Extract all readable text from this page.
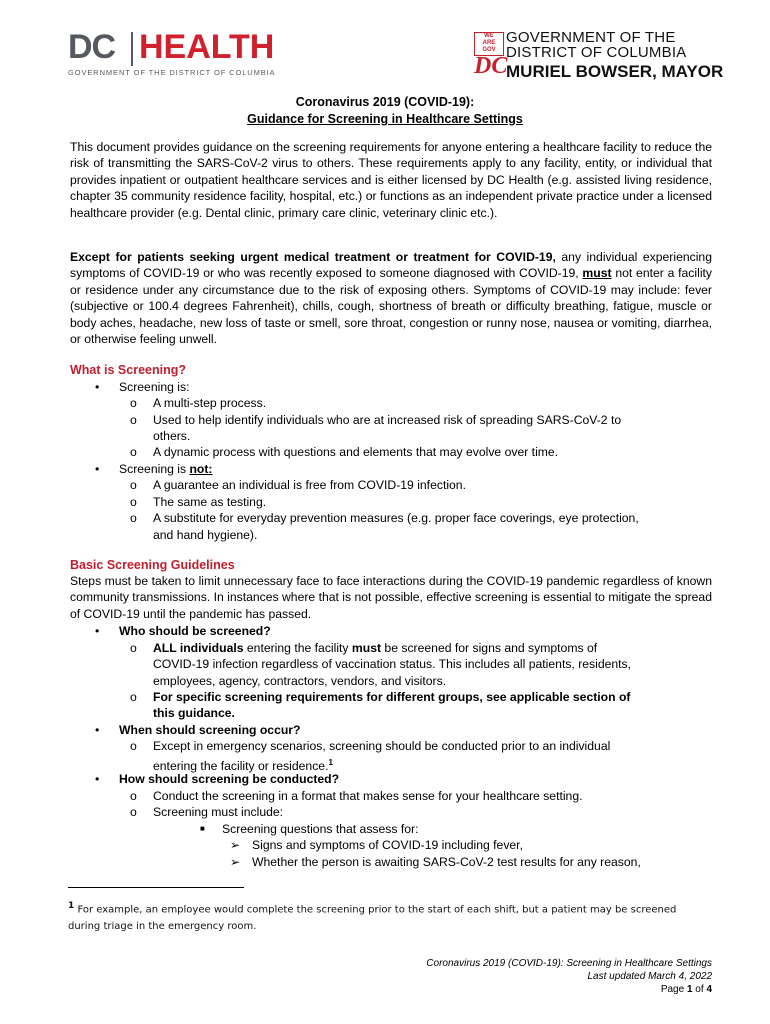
DC HEALTH
GOVERNMENT OF THE DISTRICT OF COLUMBIA
WE
ARE
GOV
DC
GOVERNMENT OF THE
DISTRICT OF COLUMBIA
MURIEL BOWSER, MAYOR
Coronavirus 2019 (COVID-19):
Guidance for Screening in Healthcare Settings
This document provides guidance on the screening requirements for anyone entering a healthcare facility to reduce the risk of transmitting the SARS-CoV-2 virus to others. These requirements apply to any facility, entity, or individual that provides inpatient or outpatient healthcare services and is either licensed by DC Health (e.g. assisted living residence, chapter 35 community residence facility, hospital, etc.) or functions as an independent private practice under a licensed healthcare provider (e.g. Dental clinic, primary care clinic, veterinary clinic etc.).
Except for patients seeking urgent medical treatment or treatment for COVID-19, any individual experiencing symptoms of COVID-19 or who was recently exposed to someone diagnosed with COVID-19, must not enter a facility or residence under any circumstance due to the risk of exposing others. Symptoms of COVID-19 may include: fever (subjective or 100.4 degrees Fahrenheit), chills, cough, shortness of breath or difficulty breathing, fatigue, muscle or body aches, headache, new loss of taste or smell, sore throat, congestion or runny nose, nausea or vomiting, diarrhea, or otherwise feeling unwell.
What is Screening?
• Screening is:
o A multi-step process.
o Used to help identify individuals who are at increased risk of spreading SARS-CoV-2 to
others.
o A dynamic process with questions and elements that may evolve over time.
• Screening is not:
o A guarantee an individual is free from COVID-19 infection.
o The same as testing.
o A substitute for everyday prevention measures (e.g. proper face coverings, eye protection,
and hand hygiene).
Basic Screening Guidelines
Steps must be taken to limit unnecessary face to face interactions during the COVID-19 pandemic regardless of known community transmissions. In instances where that is not possible, effective screening is essential to mitigate the spread of COVID-19 until the pandemic has passed.
• Who should be screened?
o ALL individuals entering the facility must be screened for signs and symptoms of
COVID-19 infection regardless of vaccination status. This includes all patients, residents,
employees, agency, contractors, vendors, and visitors.
o For specific screening requirements for different groups, see applicable section of
this guidance.
• When should screening occur?
o Except in emergency scenarios, screening should be conducted prior to an individual
entering the facility or residence.$^1$
• How should screening be conducted?
o Conduct the screening in a format that makes sense for your healthcare setting.
o Screening must include:
■ Screening questions that assess for:
➢ Signs and symptoms of COVID-19 including fever,
➢ Whether the person is awaiting SARS-CoV-2 test results for any reason,
$^1$ For example, an employee would complete the screening prior to the start of each shift, but a patient may be screened during triage in the emergency room.
Coronavirus 2019 (COVID-19): Screening in Healthcare Settings
Last updated March 4, 2022
Page 1 of 4
